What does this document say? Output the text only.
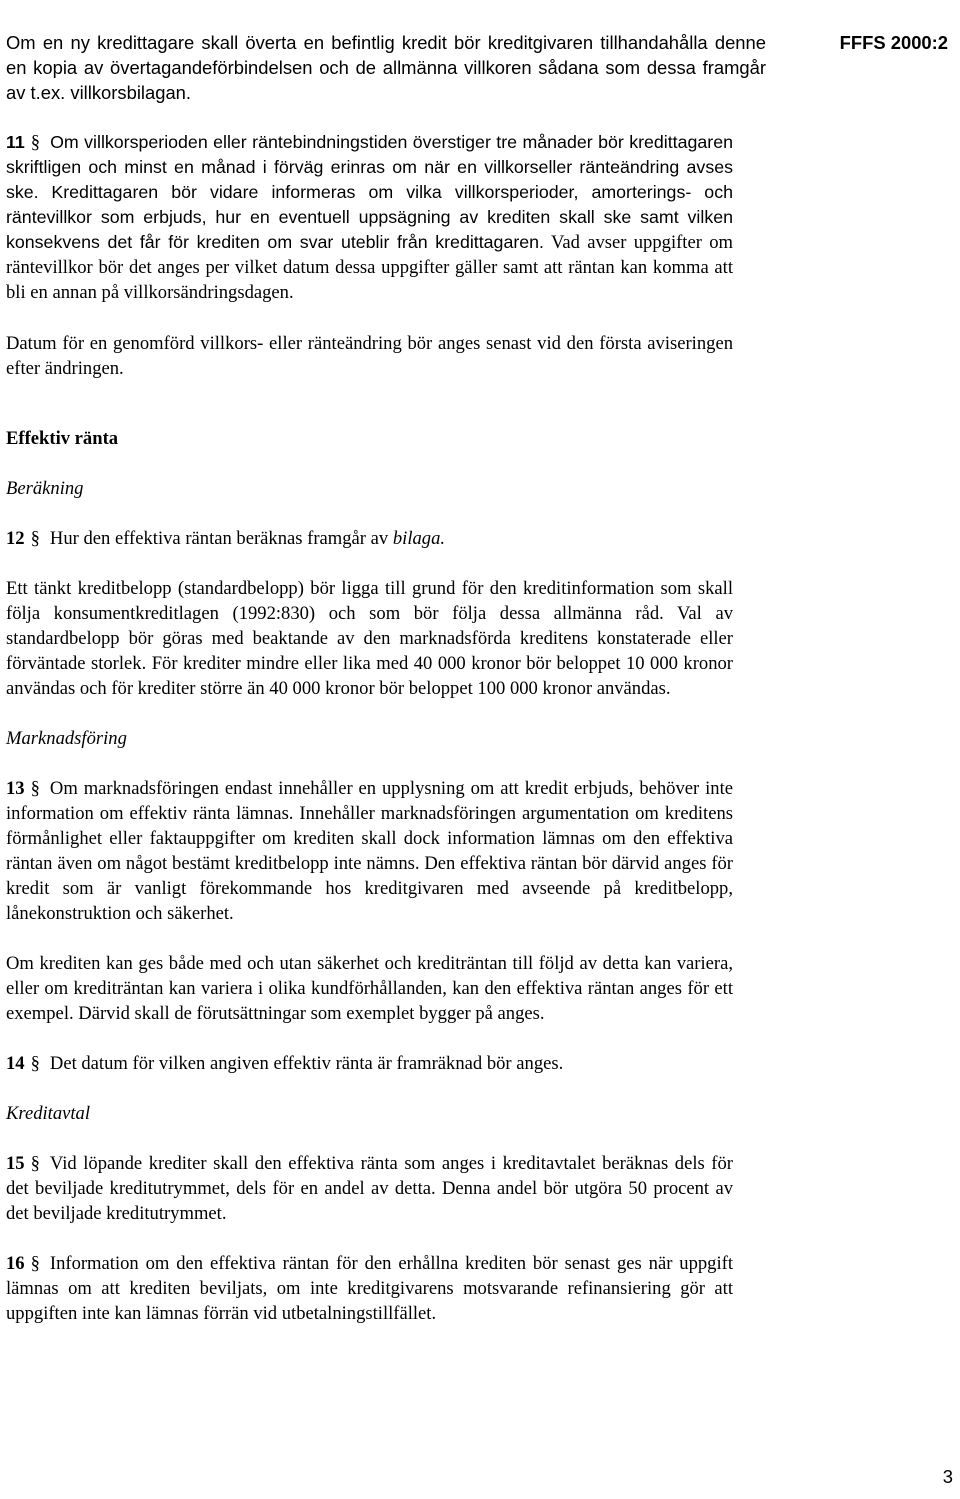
FFFS 2000:2
Om en ny kredittagare skall överta en befintlig kredit bör kreditgivaren tillhandahålla denne en kopia av övertagandeförbindelsen och de allmänna villkoren sådana som dessa framgår av t.ex. villkorsbilagan.

11 § Om villkorsperioden eller räntebindningstiden överstiger tre månader bör kredittagaren skriftligen och minst en månad i förväg erinras om när en villkorseller ränteändring avses ske. Kredittagaren bör vidare informeras om vilka villkorsperioder, amorterings- och räntevillkor som erbjuds, hur en eventuell uppsägning av krediten skall ske samt vilken konsekvens det får för krediten om svar uteblir från kredittagaren. Vad avser uppgifter om räntevillkor bör det anges per vilket datum dessa uppgifter gäller samt att räntan kan komma att bli en annan på villkorsändringsdagen.

Datum för en genomförd villkors- eller ränteändring bör anges senast vid den första aviseringen efter ändringen.

Effektiv ränta

Beräkning

12 § Hur den effektiva räntan beräknas framgår av bilaga.

Ett tänkt kreditbelopp (standardbelopp) bör ligga till grund för den kreditinformation som skall följa konsumentkreditlagen (1992:830) och som bör följa dessa allmänna råd. Val av standardbelopp bör göras med beaktande av den marknadsförda kreditens konstaterade eller förväntade storlek. För krediter mindre eller lika med 40 000 kronor bör beloppet 10 000 kronor användas och för krediter större än 40 000 kronor bör beloppet 100 000 kronor användas.

Marknadsföring

13 § Om marknadsföringen endast innehåller en upplysning om att kredit erbjuds, behöver inte information om effektiv ränta lämnas. Innehåller marknadsföringen argumentation om kreditens förmånlighet eller faktauppgifter om krediten skall dock information lämnas om den effektiva räntan även om något bestämt kreditbelopp inte nämns. Den effektiva räntan bör därvid anges för kredit som är vanligt förekommande hos kreditgivaren med avseende på kreditbelopp, lånekonstruktion och säkerhet.

Om krediten kan ges både med och utan säkerhet och krediträntan till följd av detta kan variera, eller om krediträntan kan variera i olika kundförhållanden, kan den effektiva räntan anges för ett exempel. Därvid skall de förutsättningar som exemplet bygger på anges.

14 § Det datum för vilken angiven effektiv ränta är framräknad bör anges.

Kreditavtal

15 § Vid löpande krediter skall den effektiva ränta som anges i kreditavtalet beräknas dels för det beviljade kreditutrymmet, dels för en andel av detta. Denna andel bör utgöra 50 procent av det beviljade kreditutrymmet.

16 § Information om den effektiva räntan för den erhållna krediten bör senast ges när uppgift lämnas om att krediten beviljats, om inte kreditgivarens motsvarande refinansiering gör att uppgiften inte kan lämnas förrän vid utbetalningstillfället.

3
